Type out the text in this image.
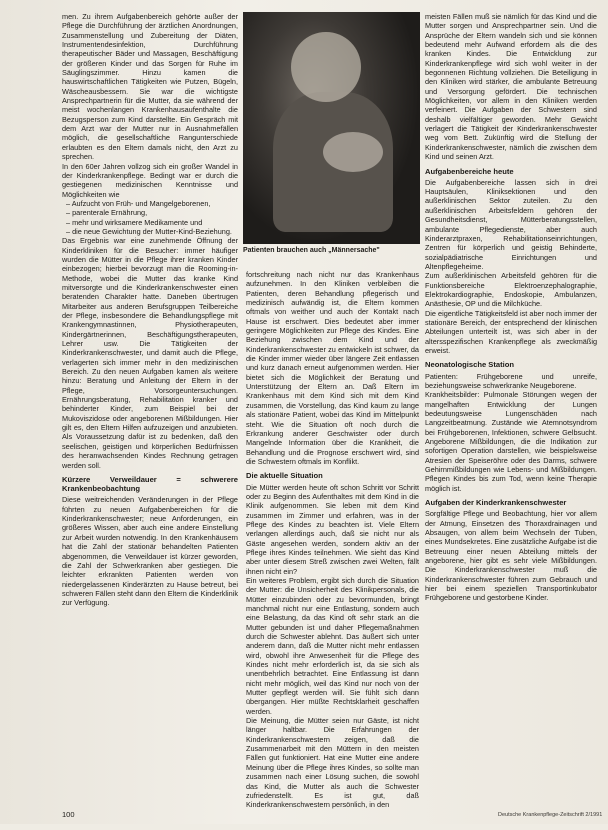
men. Zu ihrem Aufgabenbereich gehörte außer der Pflege die Durchführung der ärztlichen Anordnungen, Zusammenstellung und Zubereitung der Diäten, Instrumentendesinfektion, Durchführung therapeutischer Bäder und Massagen, Beschäftigung der größeren Kinder und das Sorgen für Ruhe im Säuglingszimmer. Hinzu kamen die hauswirtschaftlichen Tätigkeiten wie Putzen, Bügeln, Wäscheausbessern. Sie war die wichtigste Ansprechpartnerin für die Mutter, da sie während der meist wochenlangen Krankenhausaufenthalte die Bezugsperson zum Kind darstellte. Ein Gespräch mit dem Arzt war der Mutter nur in Ausnahmefällen möglich, die gesellschaftliche Rangunterschiede erlaubten es den Eltern damals nicht, den Arzt zu sprechen.

In den 60er Jahren vollzog sich ein großer Wandel in der Kinderkrankenpflege. Bedingt war er durch die gestiegenen medizinischen Kenntnisse und Möglichkeiten wie

– Aufzucht von Früh- und Mangelgeborenen,
– parenterale Ernährung,
– mehr und wirksamere Medikamente und
– die neue Gewichtung der Mutter-Kind-Beziehung.

Das Ergebnis war eine zunehmende Öffnung der Kinderkliniken für die Besucher: immer häufiger wurden die Mütter in die Pflege ihrer kranken Kinder einbezogen; hierbei bevorzugt man die Rooming-in-Methode, wobei die Mutter das kranke Kind mitversorgte und die Kinderkrankenschwester einen beratenden Charakter hatte. Daneben übertrugen Mitarbeiter aus anderen Berufsgruppen Teilbereiche der Pflege, insbesondere die Behandlungspflege mit Krankengymnastinnen, Physiotherapeuten, Kindergärtnerinnen, Beschäftigungstherapeuten, Lehrer usw. Die Tätigkeiten der Kinderkrankenschwester, und damit auch die Pflege, verlagerten sich immer mehr in den medizinischen Bereich. Zu den neuen Aufgaben kamen als weitere hinzu: Beratung und Anleitung der Eltern in der Pflege, Vorsorgeuntersuchungen. Ernährungsberatung, Rehabilitation kranker und behinderter Kinder, zum Beispiel bei der Mukoviszidose oder angeborenen Mißbildungen. Hier gilt es, den Eltern Hilfen aufzuzeigen und anzubieten. Als Voraussetzung dafür ist zu bedenken, daß den seelischen, geistigen und körperlichen Bedürfnissen des heranwachsenden Kindes Rechnung getragen werden soll.

Kürzere Verweildauer = schwerere Krankenbeobachtung

Diese weitreichenden Veränderungen in der Pflege führten zu neuen Aufgabenbereichen für die Kinderkrankenschwester; neue Anforderungen, ein größeres Wissen, aber auch eine andere Einstellung zur Arbeit wurden notwendig. In den Krankenhäusern hat die Zahl der stationär behandelten Patienten abgenommen, die Verweildauer ist kürzer geworden, die Zahl der Schwerkranken aber gestiegen. Die leichter erkrankten Patienten werden von niedergelassenen Kinderärzten zu Hause betreut, bei schweren Fällen steht dann den Eltern die Kinderklinik zur Verfügung.

Patienten brauchen auch „Männersache"

fortschreitung nach nicht nur das Krankenhaus aufzunehmen. In den Kliniken verbleiben die Patienten, deren Behandlung pflegerisch und medizinisch aufwändig ist, die Eltern kommen oftmals von weither und auch der Kontakt nach Hause ist erschwert. Dies bedeutet aber immer geringere Möglichkeiten zur Pflege des Kindes. Eine Beziehung zwischen dem Kind und der Kinderkrankenschwester zu entwickeln ist schwer, da die Kinder immer wieder über längere Zeit entlassen und kurz danach erneut aufgenommen werden. Hier bietet sich die Möglichkeit der Beratung und Unterstützung der Eltern an. Daß Eltern im Krankenhaus mit dem Kind sich mit dem Kind zusammen, die Vorstellung, das Kind kaum zu lange als stationäre Patient, wobei das Kind im Mittelpunkt steht. Wie die Situation oft noch durch die Erkrankung anderer Geschwister oder durch Mangelnde Information über die Krankheit, die Behandlung und die Prognose erschwert wird, sind die Schwestern oftmals im Konflikt.

Die aktuelle Situation

Die Mütter werden heute oft schon Schritt vor Schritt oder zu Beginn des Aufenthaltes mit dem Kind in die Klinik aufgenommen. Sie leben mit dem Kind zusammen im Zimmer und erfahren, was in der Pflege des Kindes zu beachten ist. Viele Eltern verlangen allerdings auch, daß sie nicht nur als Gäste angesehen werden, sondern aktiv an der Pflege ihres Kindes teilnehmen. Wie sieht das Kind aber unter diesem Streß zwischen zwei Welten, fällt ihnen nicht ein?

Ein weiteres Problem, ergibt sich durch die Situation der Mutter: die Unsicherheit des Klinikpersonals, die Mütter einzubinden oder zu bevormunden, bringt manchmal nicht nur eine Entlastung, sondern auch eine Belastung, da das Kind oft sehr stark an die Mutter gebunden ist und daher Pflegemaßnahmen durch die Schwester ablehnt. Das äußert sich unter anderem dann, daß die Mutter nicht mehr entlassen wird, obwohl ihre Anwesenheit für die Pflege des Kindes nicht mehr erforderlich ist, da sie sich als unentbehrlich betrachtet. Eine Entlassung ist dann nicht mehr möglich, weil das Kind nur noch von der Mutter gepflegt werden will. Sie fühlt sich dann übergangen. Hier müßte Rechtsklarheit geschaffen werden.

Die Meinung, die Mütter seien nur Gäste, ist nicht länger haltbar. Die Erfahrungen der Kinderkrankenschwestern zeigen, daß die Zusammenarbeit mit den Müttern in den meisten Fällen gut funktioniert. Hat eine Mutter eine andere Meinung über die Pflege ihres Kindes, so sollte man zusammen nach einer Lösung suchen, die sowohl das Kind, die Mutter als auch die Schwester zufriedenstellt. Es ist gut, daß Kinderkrankenschwestern persönlich, in den

meisten Fällen muß sie nämlich für das Kind und die Mutter sorgen und Ansprechpartner sein. Und die Ansprüche der Eltern wandeln sich und sie können bedeutend mehr Aufwand erfordern als die des kranken Kindes. Die Entwicklung zur Kinderkrankenpflege wird sich wohl weiter in der begonnenen Richtung vollziehen. Die Beteiligung in den Kliniken wird stärker, die ambulante Betreuung und Versorgung gefördert. Die technischen Möglichkeiten, vor allem in den Kliniken werden verfeinert. Die Aufgaben der Schwestern sind deshalb vielfältiger geworden. Mehr Gewicht verlagert die Tätigkeit der Kinderkrankenschwester weg vom Bett. Zukünftig wird die Stellung der Kinderkrankenschwester, nämlich die zwischen dem Kind und seinen Arzt.

Aufgabenbereiche heute

Die Aufgabenbereiche lassen sich in drei Hauptsäulen, Kliniksektionen und den außerklinischen Sektor zuteilen. Zu den außerklinischen Arbeitsfeldern gehören der Gesundheitsdienst, Mütterberatungsstellen, ambulante Pflegedienste, aber auch Kinderarztpraxen, Rehabilitationseinrichtungen, Zentren für körperlich und geistig Behinderte, sozialpädiatrische Einrichtungen und Altenpflegeheime.

Zum außerklinischen Arbeitsfeld gehören für die Funktionsbereiche Elektroenzephalographie, Elektrokardiographie, Endoskopie, Ambulanzen, Anästhesie, OP und die Milchküche.

Die eigentliche Tätigkeitsfeld ist aber noch immer der stationäre Bereich, der entsprechend der klinischen Abteilungen unterteilt ist, was sich aber in der altersspezifischen Krankenpflege als zweckmäßig erweist.

Neonatologische Station

Patienten: Frühgeborene und unreife, beziehungsweise schwerkranke Neugeborene.

Krankheitsbilder: Pulmonale Störungen wegen der mangelhaften Entwicklung der Lungen bedeutungsweise Lungenschäden nach Langzeitbeatmung. Zustände wie Atemnotsyndrom bei Frühgeborenen, Infektionen, schwere Gelbsucht. Angeborene Mißbildungen, die die Indikation zur sofortigen Operation darstellen, wie beispielsweise Atresien der Speiseröhre oder des Darms, schwere Gehirnmißbildungen wie Lebens- und Mißbildungen. Pflegen Kindes bis zum Tod, wenn keine Therapie möglich ist.

Aufgaben der Kinderkrankenschwester

Sorgfältige Pflege und Beobachtung, hier vor allem der Atmung, Einsetzen des Thoraxdrainagen und Absaugen, von allem beim Wechseln der Tuben, eines Mundsekretes. Eine zusätzliche Aufgabe ist die Betreuung einer neuen Abteilung mittels der angeborene, hier gibt es sehr viele Mißbildungen. Die Kinderkrankenschwester muß die Kinderkrankenschwester führen zum Gebrauch und hier bei einem speziellen Transportinkubator Frühgeborene und gestorbene Kinder.

100	Deutsche Krankenpflege-Zeitschrift 2/1991
